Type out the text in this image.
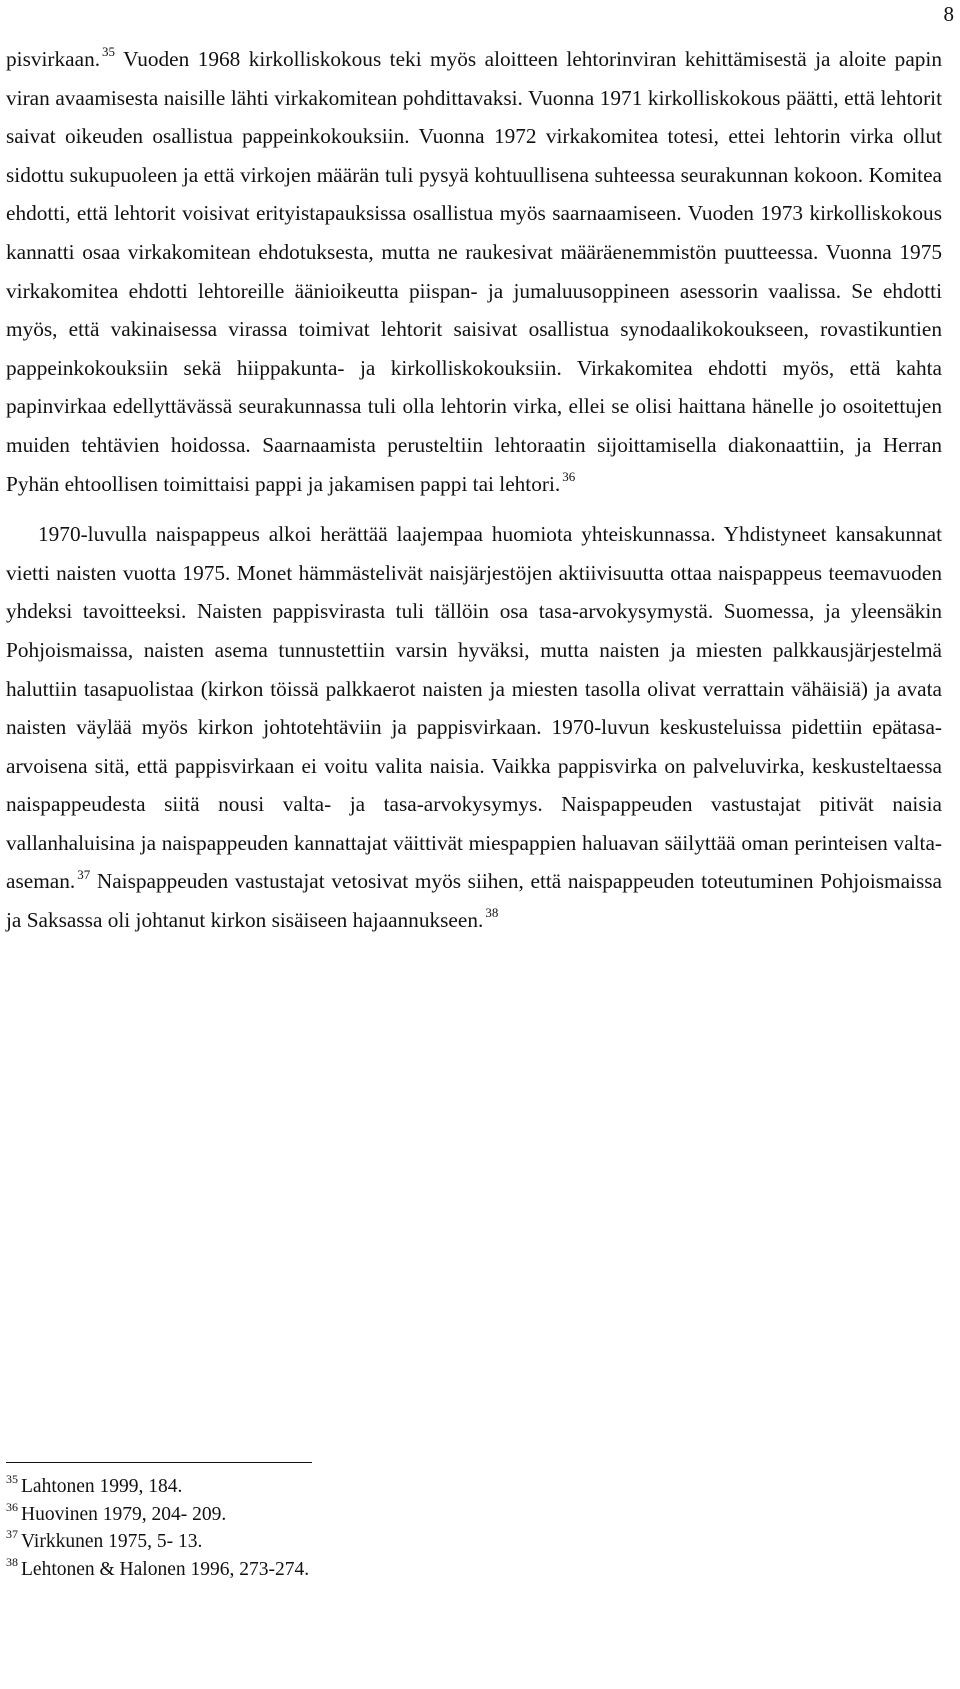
8

pisvirkaan. $^{35}$ Vuoden 1968 kirkolliskokous teki myös aloitteen lehtorinviran kehittämisestä ja aloite papin viran avaamisesta naisille lähti virkakomitean pohdittavaksi. Vuonna 1971 kirkolliskokous päätti, että lehtorit saivat oikeuden osallistua pappeinkokouksiin. Vuonna 1972 virkakomitea totesi, ettei lehtorin virka ollut sidottu sukupuoleen ja että virkojen määrän tuli pysyä kohtuullisena suhteessa seurakunnan kokoon. Komitea ehdotti, että lehtorit voisivat erityistapauksissa osallistua myös saarnaamiseen. Vuoden 1973 kirkolliskokous kannatti osaa virkakomitean ehdotuksesta, mutta ne raukesivat määräenemmistön puutteessa. Vuonna 1975 virkakomitea ehdotti lehtoreille äänioikeutta piispan- ja jumaluusoppineen asessorin vaalissa. Se ehdotti myös, että vakinaisessa virassa toimivat lehtorit saisivat osallistua synodaalikokoukseen, rovastikuntien pappeinkokouksiin sekä hiippakunta- ja kirkolliskokouksiin. Virkakomitea ehdotti myös, että kahta papinvirkaa edellyttävässä seurakunnassa tuli olla lehtorin virka, ellei se olisi haittana hänelle jo osoitettujen muiden tehtävien hoidossa. Saarnaamista perusteltiin lehtoraatin sijoittamisella diakonaattiin, ja Herran Pyhän ehtoollisen toimittaisi pappi ja jakamisen pappi tai lehtori. $^{36}$

1970-luvulla naispappeus alkoi herättää laajempaa huomiota yhteiskunnassa. Yhdistyneet kansakunnat vietti naisten vuotta 1975. Monet hämmästelivät naisjärjestöjen aktiivisuutta ottaa naispappeus teemavuoden yhdeksi tavoitteeksi. Naisten pappisvirasta tuli tällöin osa tasa-arvokysymystä. Suomessa, ja yleensäkin Pohjoismaissa, naisten asema tunnustettiin varsin hyväksi, mutta naisten ja miesten palkkausjärjestelmä haluttiin tasapuolistaa (kirkon töissä palkkaerot naisten ja miesten tasolla olivat verrattain vähäisiä) ja avata naisten väylää myös kirkon johtotehtäviin ja pappisvirkaan. 1970-luvun keskusteluissa pidettiin epätasa-arvoisena sitä, että pappisvirkaan ei voitu valita naisia. Vaikka pappisvirka on palveluvirka, keskusteltaessa naispappeudesta siitä nousi valta- ja tasa-arvokysymys. Naispappeuden vastustajat pitivät naisia vallanhaluisina ja naispappeuden kannattajat väittivät miespappien haluavan säilyttää oman perinteisen valta-aseman. $^{37}$ Naispappeuden vastustajat vetosivat myös siihen, että naispappeuden toteutuminen Pohjoismaissa ja Saksassa oli johtanut kirkon sisäiseen hajaannukseen. $^{38}$

$^{35}$ Lahtonen 1999, 184.
$^{36}$ Huovinen 1979, 204- 209.
$^{37}$ Virkkunen 1975, 5- 13.
$^{38}$ Lehtonen & Halonen 1996, 273-274.
